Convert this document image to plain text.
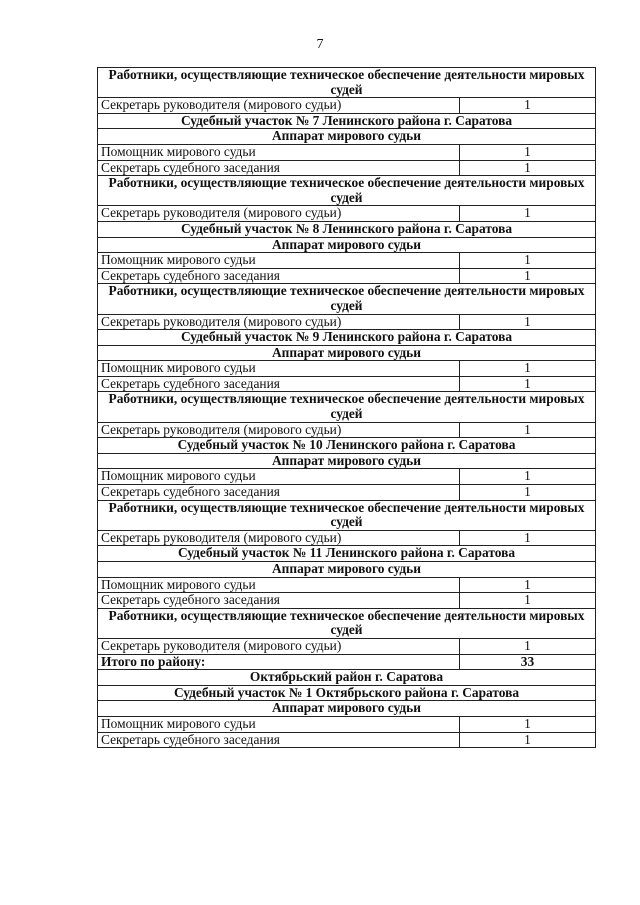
7
Работники, осуществляющие техническое обеспечение деятельности мировых судей	
Секретарь руководителя (мирового судьи)	1
Судебный участок № 7 Ленинского района г. Саратова	
Аппарат мирового судьи	
Помощник мирового судьи	1
Секретарь судебного заседания	1
Работники, осуществляющие техническое обеспечение деятельности мировых судей	
Секретарь руководителя (мирового судьи)	1
Судебный участок № 8 Ленинского района г. Саратова	
Аппарат мирового судьи	
Помощник мирового судьи	1
Секретарь судебного заседания	1
Работники, осуществляющие техническое обеспечение деятельности мировых судей	
Секретарь руководителя (мирового судьи)	1
Судебный участок № 9 Ленинского района г. Саратова	
Аппарат мирового судьи	
Помощник мирового судьи	1
Секретарь судебного заседания	1
Работники, осуществляющие техническое обеспечение деятельности мировых судей	
Секретарь руководителя (мирового судьи)	1
Судебный участок № 10 Ленинского района г. Саратова	
Аппарат мирового судьи	
Помощник мирового судьи	1
Секретарь судебного заседания	1
Работники, осуществляющие техническое обеспечение деятельности мировых судей	
Секретарь руководителя (мирового судьи)	1
Судебный участок № 11 Ленинского района г. Саратова	
Аппарат мирового судьи	
Помощник мирового судьи	1
Секретарь судебного заседания	1
Работники, осуществляющие техническое обеспечение деятельности мировых судей	
Секретарь руководителя (мирового судьи)	1
Итого по району:	33
Октябрьский район г. Саратова	
Судебный участок № 1 Октябрьского района г. Саратова	
Аппарат мирового судьи	
Помощник мирового судьи	1
Секретарь судебного заседания	1
